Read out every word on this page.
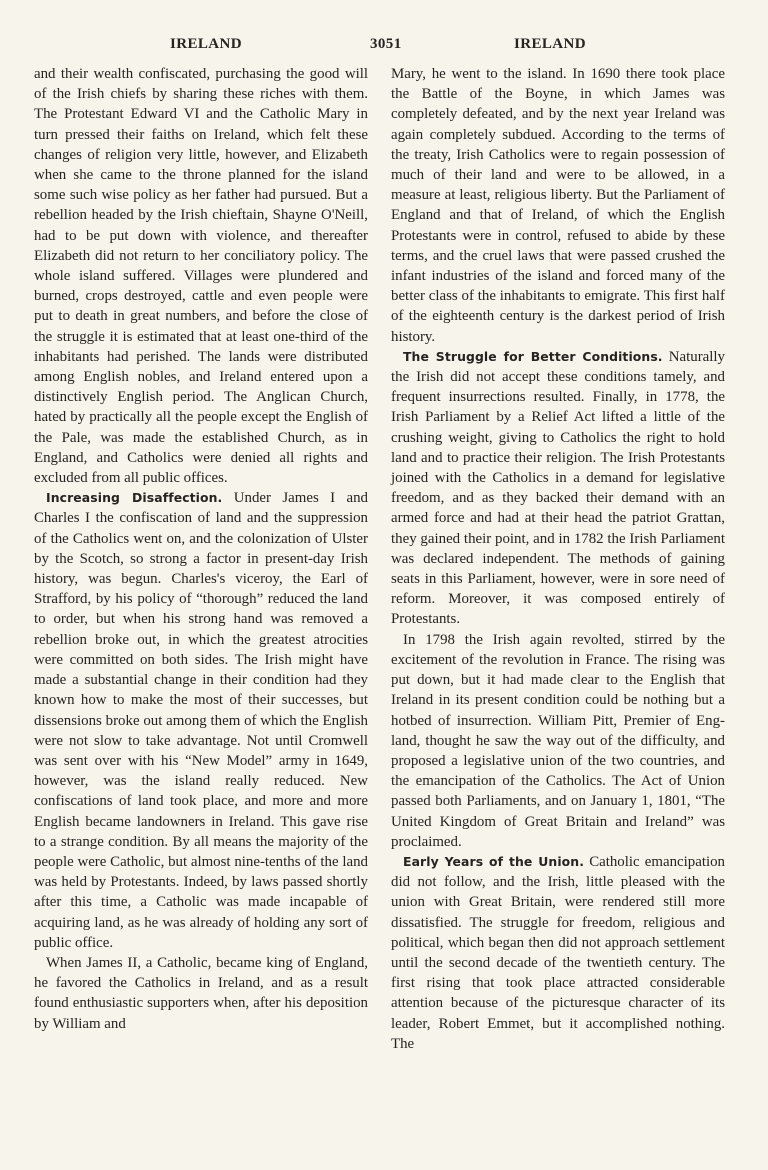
IRELAND	3051	IRELAND

and their wealth confiscated, purchasing the good will of the Irish chiefs by sharing these riches with them. The Protestant Edward VI and the Catholic Mary in turn pressed their faiths on Ireland, which felt these changes of religion very little, however, and Elizabeth when she came to the throne planned for the island some such wise policy as her father had pursued. But a rebellion headed by the Irish chieftain, Shayne O'Neill, had to be put down with violence, and thereafter Elizabeth did not return to her conciliatory policy. The whole island suffered. Villages were plundered and burned, crops destroyed, cattle and even people were put to death in great numbers, and before the close of the struggle it is estimated that at least one-third of the inhabitants had perished. The lands were distributed among English nobles, and Ireland entered upon a distinctively English period. The Anglican Church, hated by practically all the people except the English of the Pale, was made the established Church, as in England, and Catholics were denied all rights and excluded from all public offices.

Increasing Disaffection. Under James I and Charles I the confiscation of land and the suppression of the Catholics went on, and the colonization of Ulster by the Scotch, so strong a factor in present-day Irish history, was begun. Charles's viceroy, the Earl of Strafford, by his policy of “thorough” reduced the land to order, but when his strong hand was removed a rebellion broke out, in which the greatest atrocities were committed on both sides. The Irish might have made a substantial change in their condition had they known how to make the most of their successes, but dissensions broke out among them of which the English were not slow to take advantage. Not until Cromwell was sent over with his “New Model” army in 1649, however, was the island really reduced. New confiscations of land took place, and more and more English became landowners in Ireland. This gave rise to a strange condition. By all means the majority of the people were Catholic, but almost nine-tenths of the land was held by Protestants. Indeed, by laws passed shortly after this time, a Catholic was made incapable of acquiring land, as he was already of holding any sort of public office.

When James II, a Catholic, became king of England, he favored the Catholics in Ireland, and as a result found enthusiastic supporters when, after his deposition by William and

Mary, he went to the island. In 1690 there took place the Battle of the Boyne, in which James was completely defeated, and by the next year Ireland was again completely subdued. According to the terms of the treaty, Irish Catholics were to regain possession of much of their land and were to be allowed, in a measure at least, religious liberty. But the Parliament of England and that of Ireland, of which the English Protestants were in control, refused to abide by these terms, and the cruel laws that were passed crushed the infant industries of the island and forced many of the better class of the inhabitants to emigrate. This first half of the eighteenth century is the darkest period of Irish history.

The Struggle for Better Conditions. Naturally the Irish did not accept these conditions tamely, and frequent insurrections resulted. Finally, in 1778, the Irish Parliament by a Relief Act lifted a little of the crushing weight, giving to Catholics the right to hold land and to practice their religion. The Irish Protestants joined with the Catholics in a demand for legislative freedom, and as they backed their demand with an armed force and had at their head the patriot Grattan, they gained their point, and in 1782 the Irish Parliament was declared independent. The methods of gaining seats in this Parliament, however, were in sore need of reform. Moreover, it was composed entirely of Protestants.

In 1798 the Irish again revolted, stirred by the excitement of the revolution in France. The rising was put down, but it had made clear to the English that Ireland in its present condition could be nothing but a hotbed of insurrection. William Pitt, Premier of England, thought he saw the way out of the difficulty, and proposed a legislative union of the two countries, and the emancipation of the Catholics. The Act of Union passed both Parliaments, and on January 1, 1801, “The United Kingdom of Great Britain and Ireland” was proclaimed.

Early Years of the Union. Catholic emancipation did not follow, and the Irish, little pleased with the union with Great Britain, were rendered still more dissatisfied. The struggle for freedom, religious and political, which began then did not approach settlement until the second decade of the twentieth century. The first rising that took place attracted considerable attention because of the picturesque character of its leader, Robert Emmet, but it accomplished nothing. The
